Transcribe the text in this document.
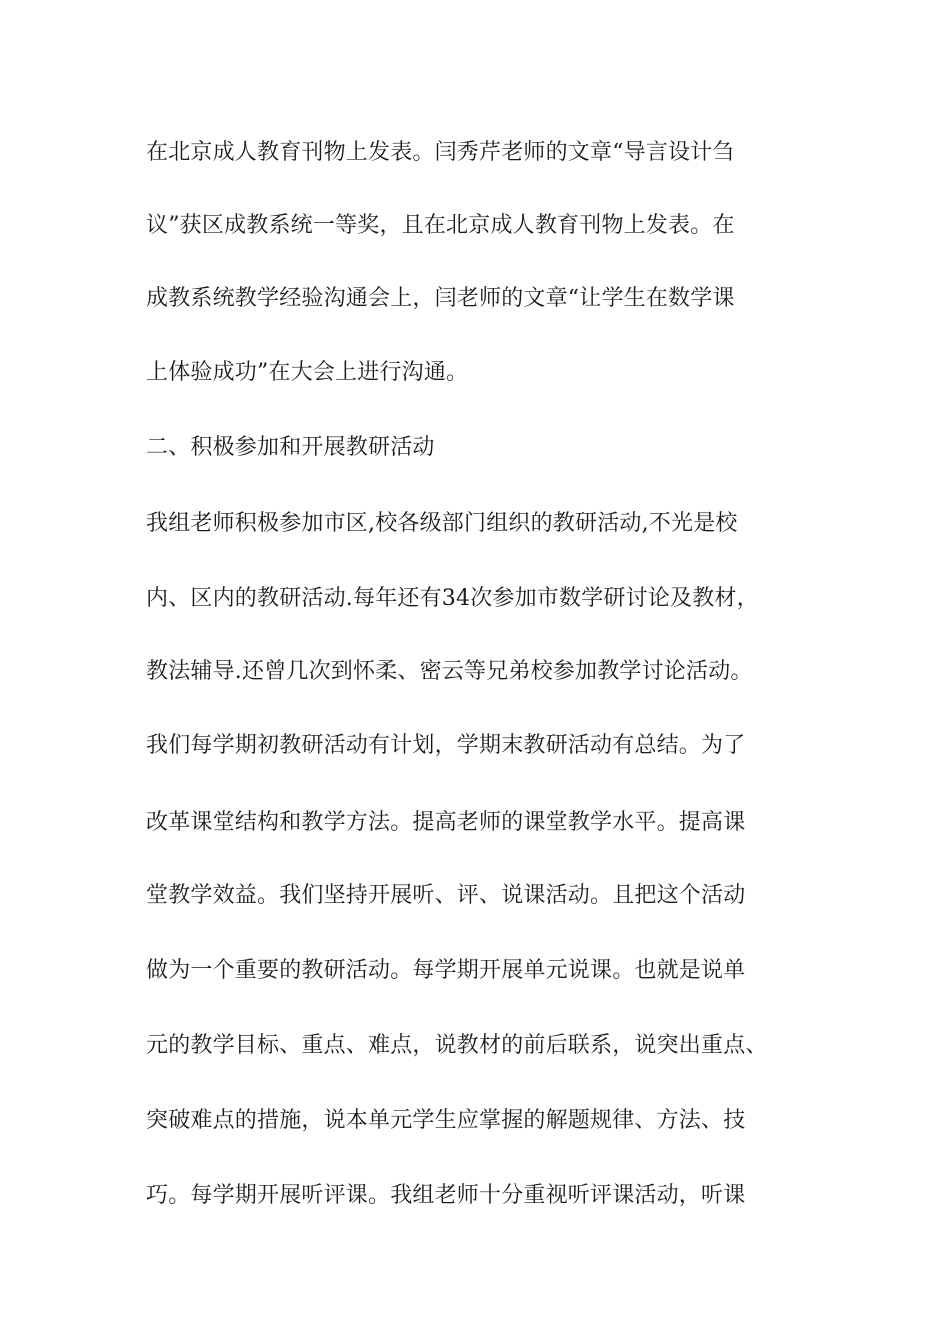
在北京成人教育刊物上发表。闫秀芹老师的文章“导言设计刍
议”获区成教系统一等奖，且在北京成人教育刊物上发表。在
成教系统教学经验沟通会上，闫老师的文章“让学生在数学课
上体验成功”在大会上进行沟通。
二、积极参加和开展教研活动
我组老师积极参加市区,校各级部门组织的教研活动,不光是校
内、区内的教研活动.每年还有34次参加市数学研讨论及教材，
教法辅导.还曾几次到怀柔、密云等兄弟校参加教学讨论活动。
我们每学期初教研活动有计划，学期末教研活动有总结。为了
改革课堂结构和教学方法。提高老师的课堂教学水平。提高课
堂教学效益。我们坚持开展听、评、说课活动。且把这个活动
做为一个重要的教研活动。每学期开展单元说课。也就是说单
元的教学目标、重点、难点，说教材的前后联系，说突出重点、
突破难点的措施，说本单元学生应掌握的解题规律、方法、技
巧。每学期开展听评课。我组老师十分重视听评课活动，听课
